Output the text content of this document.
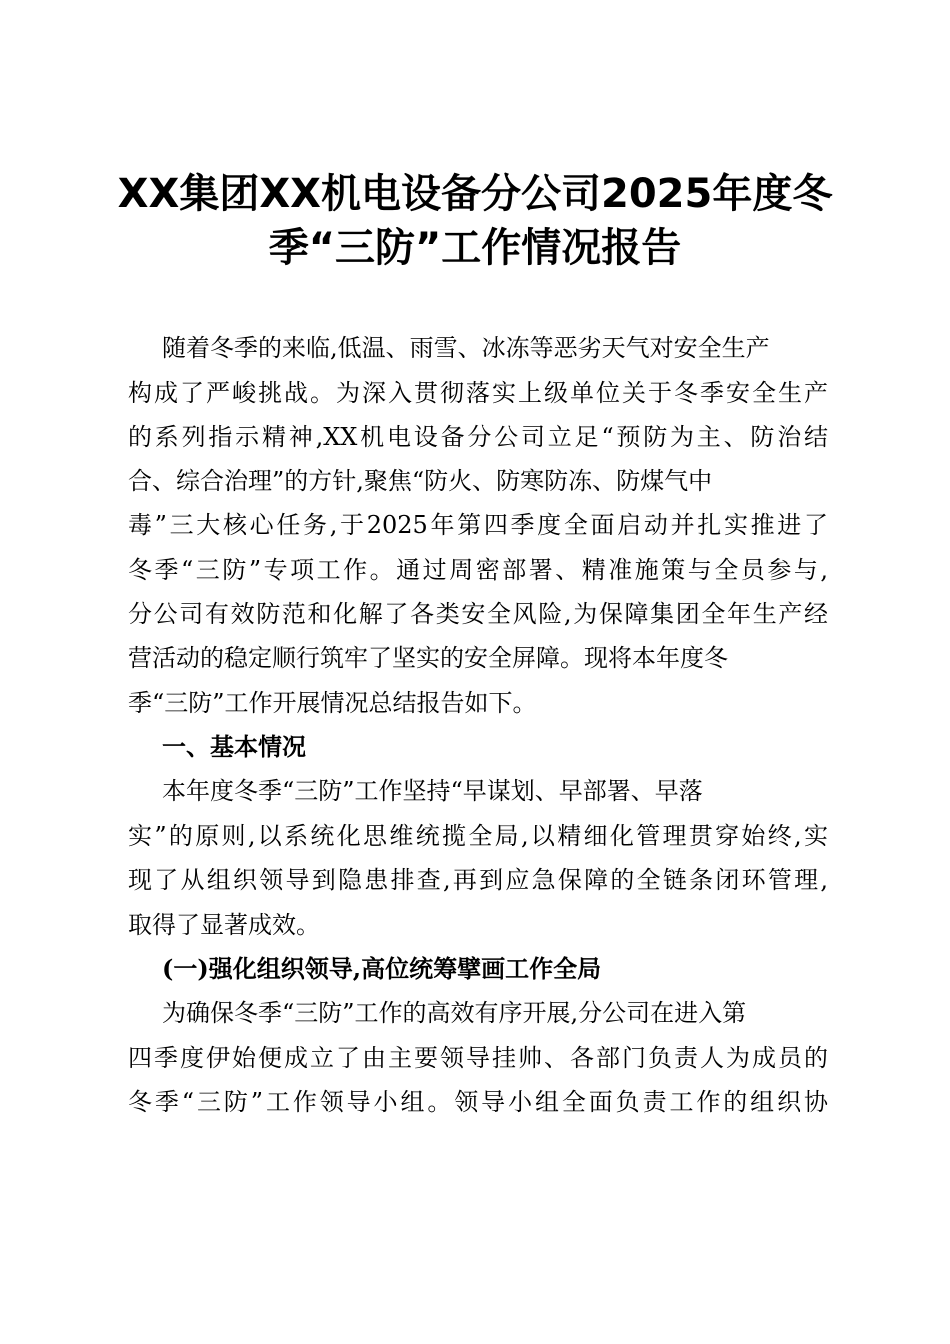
XX集团XX机电设备分公司2025年度冬
季“三防”工作情况报告

随着冬季的来临,低温、雨雪、冰冻等恶劣天气对安全生产

构成了严峻挑战。为深入贯彻落实上级单位关于冬季安全生产

的系列指示精神,XX机电设备分公司立足“预防为主、防治结

合、综合治理”的方针,聚焦“防火、防寒防冻、防煤气中

毒”三大核心任务,于2025年第四季度全面启动并扎实推进了

冬季“三防”专项工作。通过周密部署、精准施策与全员参与,

分公司有效防范和化解了各类安全风险,为保障集团全年生产经

营活动的稳定顺行筑牢了坚实的安全屏障。现将本年度冬

季“三防”工作开展情况总结报告如下。

一、基本情况

本年度冬季“三防”工作坚持“早谋划、早部署、早落

实”的原则,以系统化思维统揽全局,以精细化管理贯穿始终,实

现了从组织领导到隐患排查,再到应急保障的全链条闭环管理,

取得了显著成效。

(一)强化组织领导,高位统筹擘画工作全局

为确保冬季“三防”工作的高效有序开展,分公司在进入第

四季度伊始便成立了由主要领导挂帅、各部门负责人为成员的

冬季“三防”工作领导小组。领导小组全面负责工作的组织协
